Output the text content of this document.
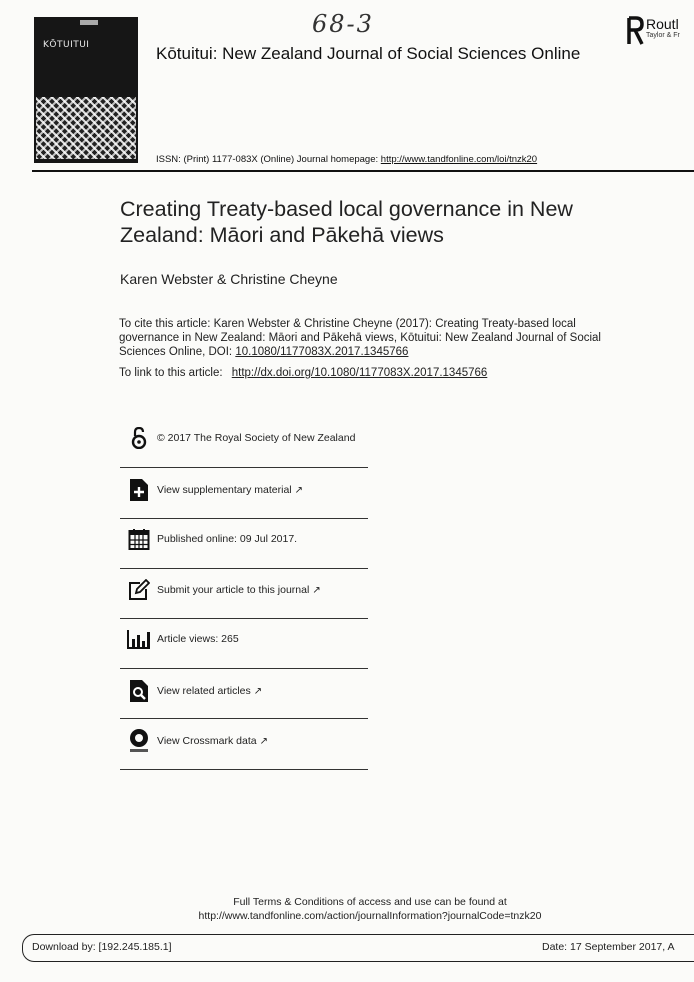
68-3
KŌTUITUI	Kōtuitui: New Zealand Journal of Social Sciences Online
Routl
Taylor & Fr
ISSN: (Print) 1177-083X (Online) Journal homepage: http://www.tandfonline.com/loi/tnzk20
Creating Treaty-based local governance in New Zealand: Māori and Pākehā views
Karen Webster & Christine Cheyne
To cite this article: Karen Webster & Christine Cheyne (2017): Creating Treaty-based local governance in New Zealand: Māori and Pākehā views, Kōtuitui: New Zealand Journal of Social Sciences Online, DOI: 10.1080/1177083X.2017.1345766
To link to this article: http://dx.doi.org/10.1080/1177083X.2017.1345766
© 2017 The Royal Society of New Zealand
View supplementary material ↗
Published online: 09 Jul 2017.
Submit your article to this journal ↗
Article views: 265
View related articles ↗
View Crossmark data ↗
Full Terms & Conditions of access and use can be found at
http://www.tandfonline.com/action/journalInformation?journalCode=tnzk20
Download by: [192.245.185.1]	Date: 17 September 2017, A
